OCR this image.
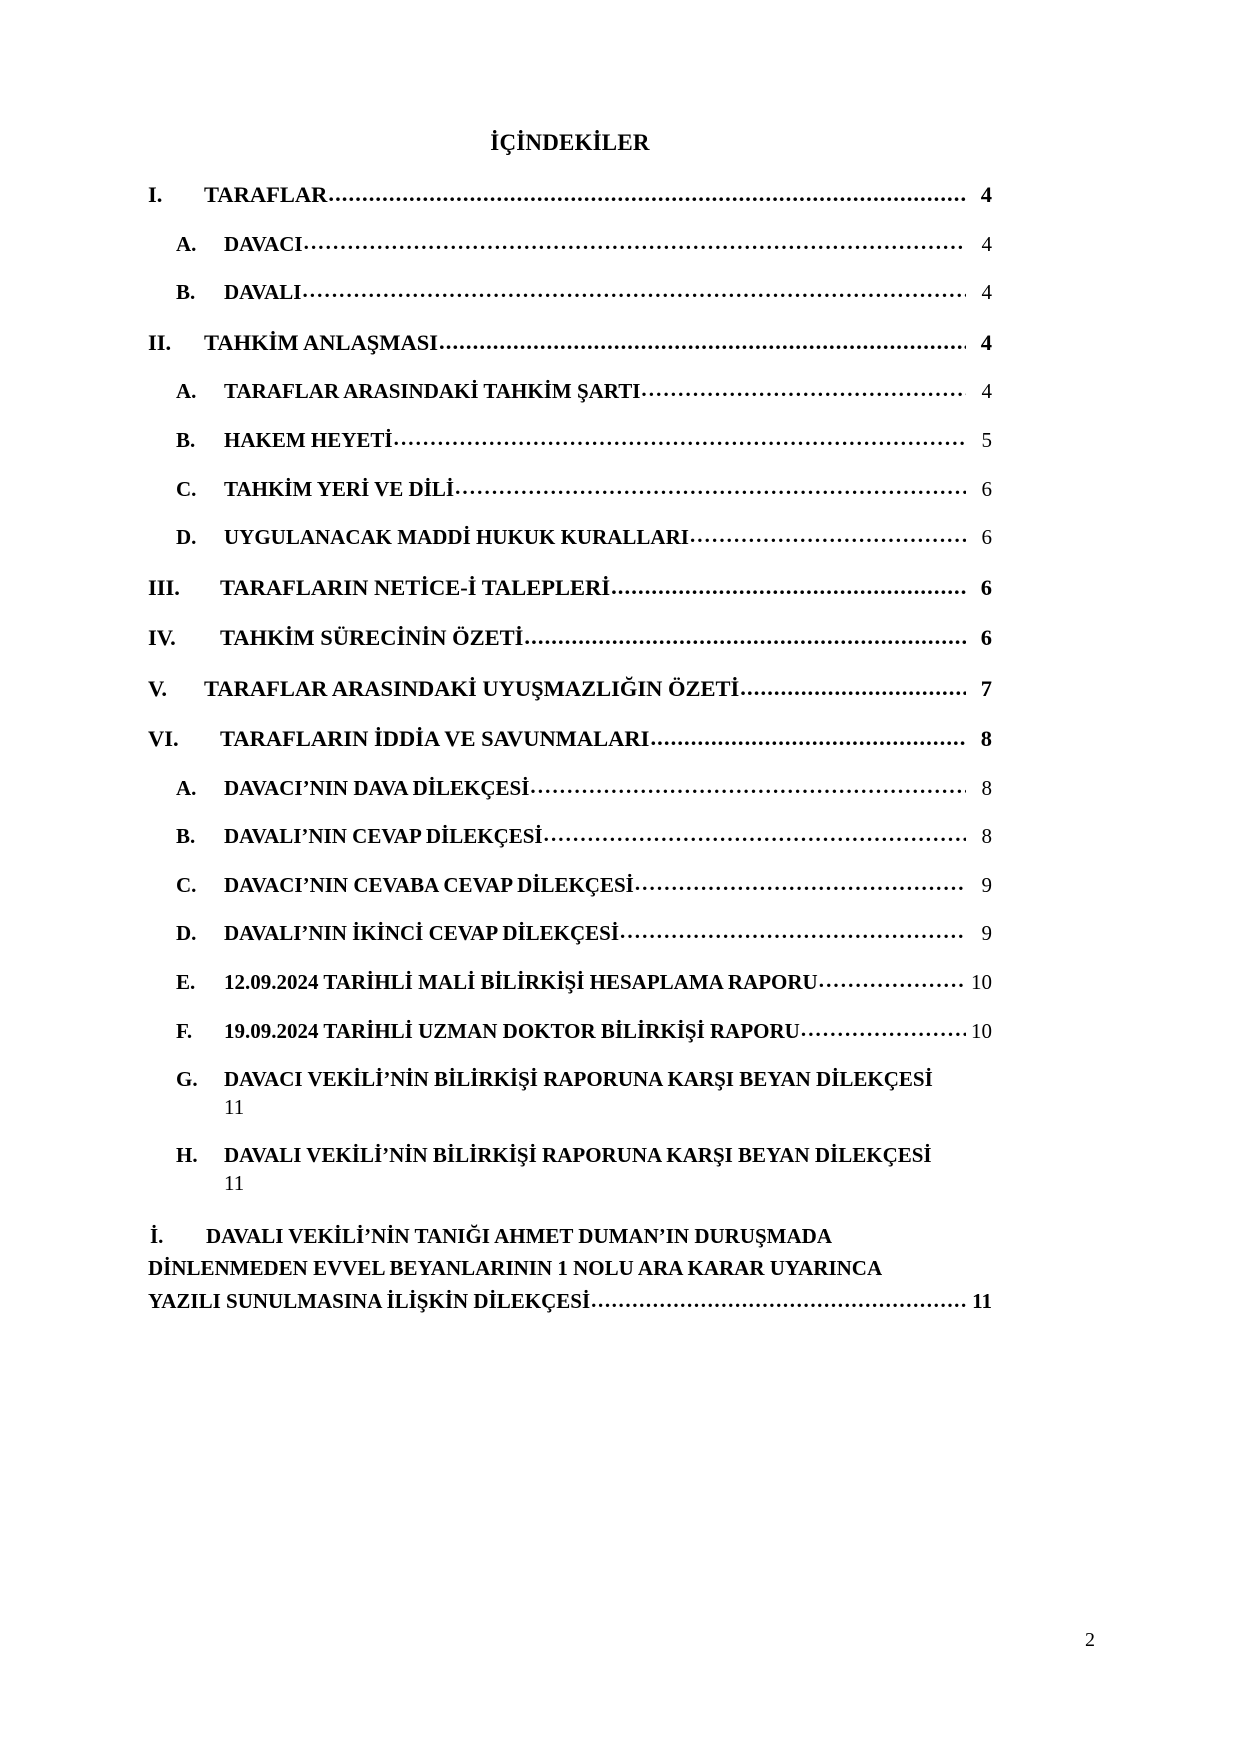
İÇİNDEKİLER
I.	TARAFLAR .....	4
A.	DAVACI .....	4
B.	DAVALI .....	4
II.	TAHKİM ANLAŞMASI .....	4
A.	TARAFLAR ARASINDAKİ TAHKİM ŞARTI .....	4
B.	HAKEM HEYETİ .....	5
C.	TAHKİM YERİ VE DİLİ .....	6
D.	UYGULANACAK MADDİ HUKUK KURALLARI .....	6
III.	TARAFLARIN NETİCE-İ TALEPLERİ .....	6
IV.	TAHKİM SÜRECİNİN ÖZETİ .....	6
V.	TARAFLAR ARASINDAKİ UYUŞMAZLIĞIN ÖZETİ .....	7
VI.	TARAFLARIN İDDİA VE SAVUNMALARI .....	8
A.	DAVACI’NIN DAVA DİLEKÇESİ .....	8
B.	DAVALI’NIN CEVAP DİLEKÇESİ .....	8
C.	DAVACI’NIN CEVABA CEVAP DİLEKÇESİ .....	9
D.	DAVALI’NIN İKİNCİ CEVAP DİLEKÇESİ .....	9
E.	12.09.2024 TARİHLİ MALİ BİLİRKİŞİ HESAPLAMA RAPORU .....	10
F.	19.09.2024 TARİHLİ UZMAN DOKTOR BİLİRKİŞİ RAPORU .....	10
G.	DAVACI VEKİLİ’NİN BİLİRKİŞİ RAPORUNA KARŞI BEYAN DİLEKÇESİ
11
H.	DAVALI VEKİLİ’NİN BİLİRKİŞİ RAPORUNA KARŞI BEYAN DİLEKÇESİ
11
İ.	DAVALI VEKİLİ’NİN TANIĞI AHMET DUMAN’IN DURUŞMADA
DİNLENMEDEN EVVEL BEYANLARININ 1 NOLU ARA KARAR UYARINCA
YAZILI SUNULMASINA İLİŞKİN DİLEKÇESİ .....	11
2
